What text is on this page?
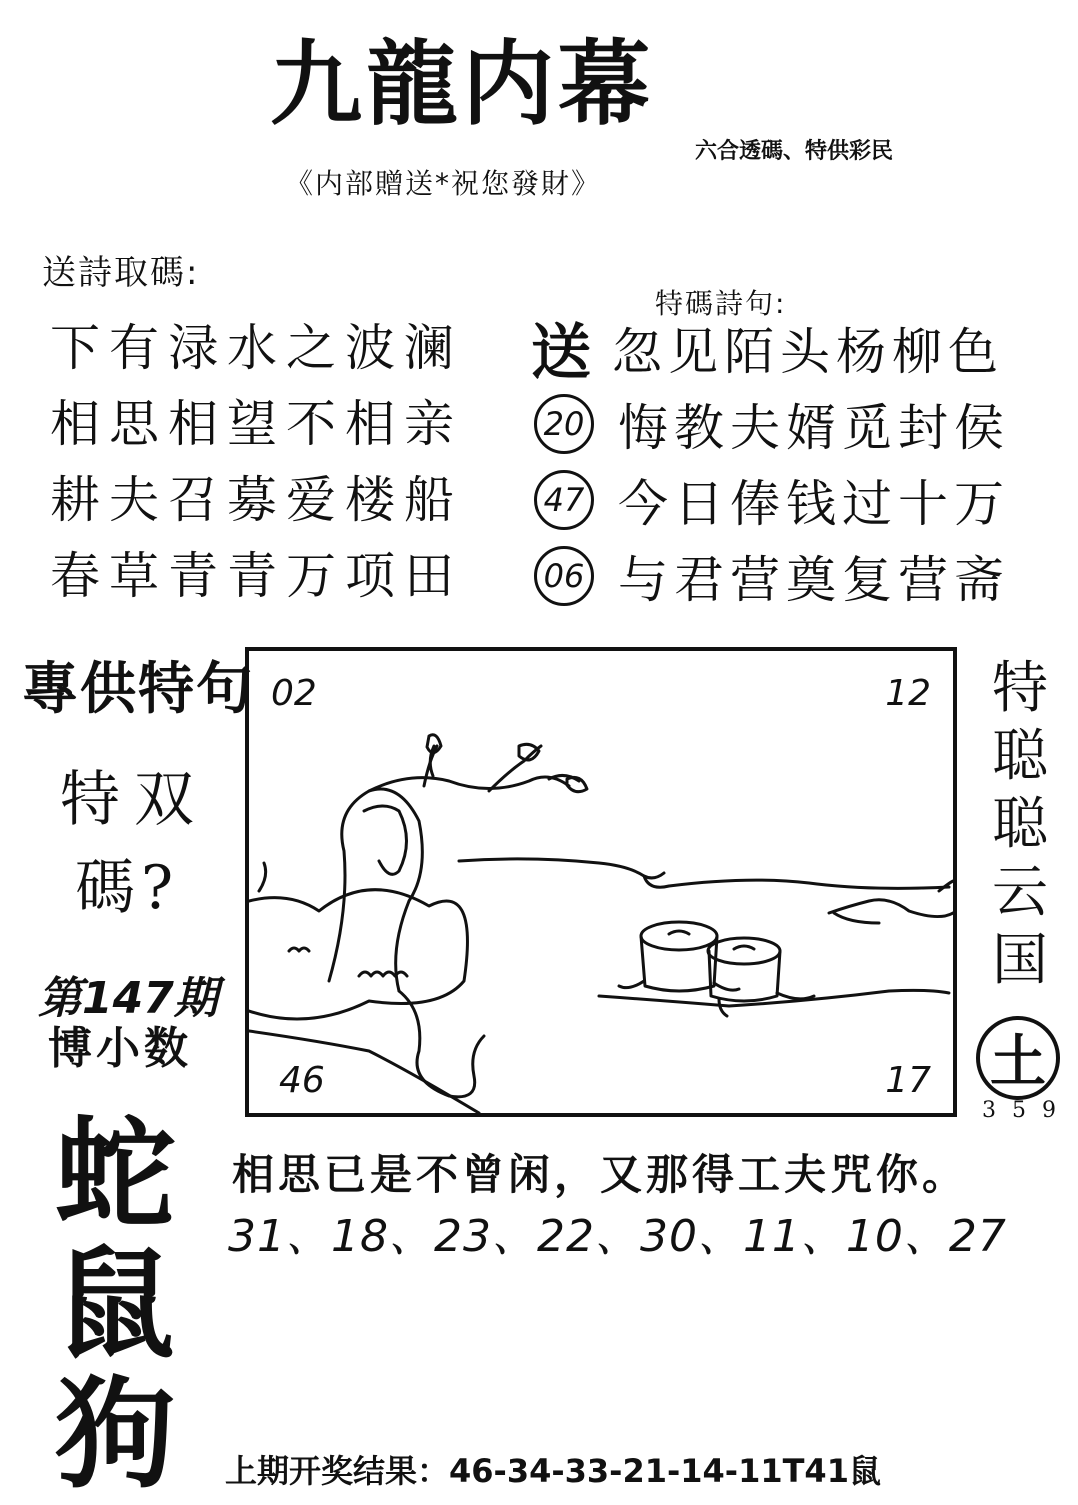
九龍内幕
六合透碼、特供彩民
《内部贈送*祝您發財》
送詩取碼:
下有渌水之波澜
相思相望不相亲
耕夫召募爱楼船
春草青青万项田
特碼詩句:
送 忽见陌头杨柳色
20 悔教夫婿觅封侯
47 今日俸钱过十万
06 与君营奠复营斋
專供特句
特双
碼?
第147期
博小数
蛇
鼠
狗
02	12
46	17
特
聪
聪
云
国
土
359
相思已是不曾闲，又那得工夫咒你。
31、18、23、22、30、11、10、27
上期开奖结果：46-34-33-21-14-11T41鼠
